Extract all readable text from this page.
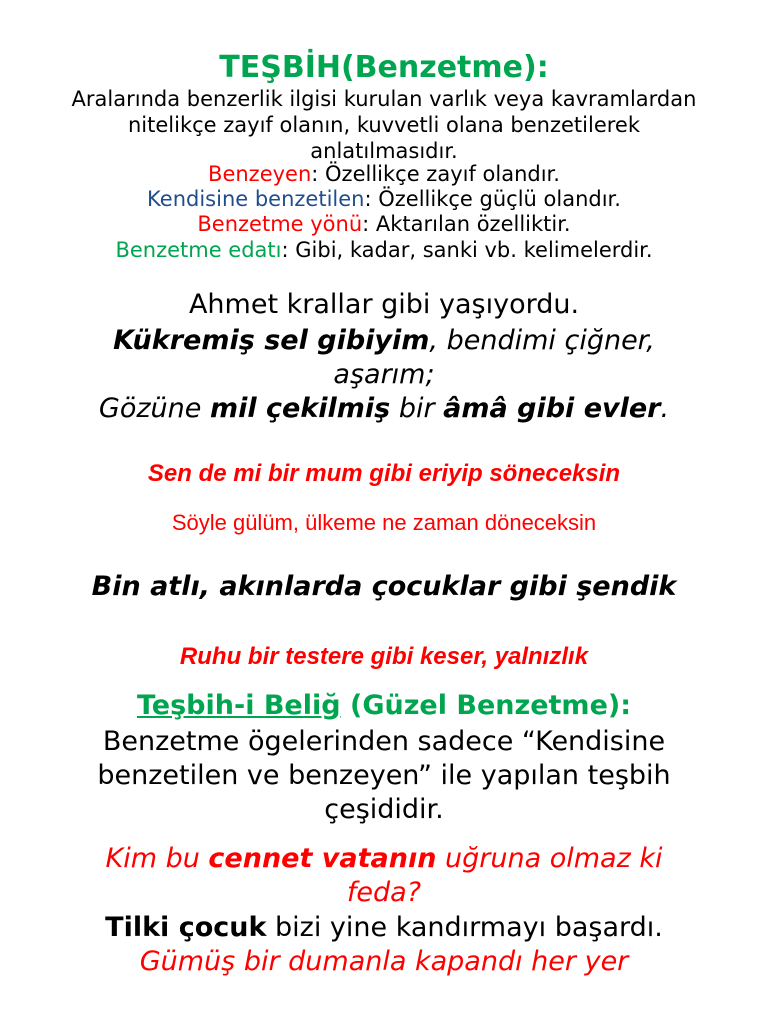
TEŞBİH(Benzetme):
Aralarında benzerlik ilgisi kurulan varlık veya kavramlardan
nitelikçe zayıf olanın, kuvvetli olana benzetilerek
anlatılmasıdır.
Benzeyen: Özellikçe zayıf olandır.
Kendisine benzetilen: Özellikçe güçlü olandır.
Benzetme yönü: Aktarılan özelliktir.
Benzetme edatı: Gibi, kadar, sanki vb. kelimelerdir.
Ahmet krallar gibi yaşıyordu.
Kükremiş sel gibiyim, bendimi çiğner,
aşarım;
Gözüne mil çekilmiş bir âmâ gibi evler.
Sen de mi bir mum gibi eriyip söneceksin
Söyle gülüm, ülkeme ne zaman döneceksin
Bin atlı, akınlarda çocuklar gibi şendik
Ruhu bir testere gibi keser, yalnızlık
Teşbih-i Beliğ (Güzel Benzetme):
Benzetme ögelerinden sadece “Kendisine
benzetilen ve benzeyen” ile yapılan teşbih
çeşididir.
Kim bu cennet vatanın uğruna olmaz ki
feda?
Tilki çocuk bizi yine kandırmayı başardı.
Gümüş bir dumanla kapandı her yer
